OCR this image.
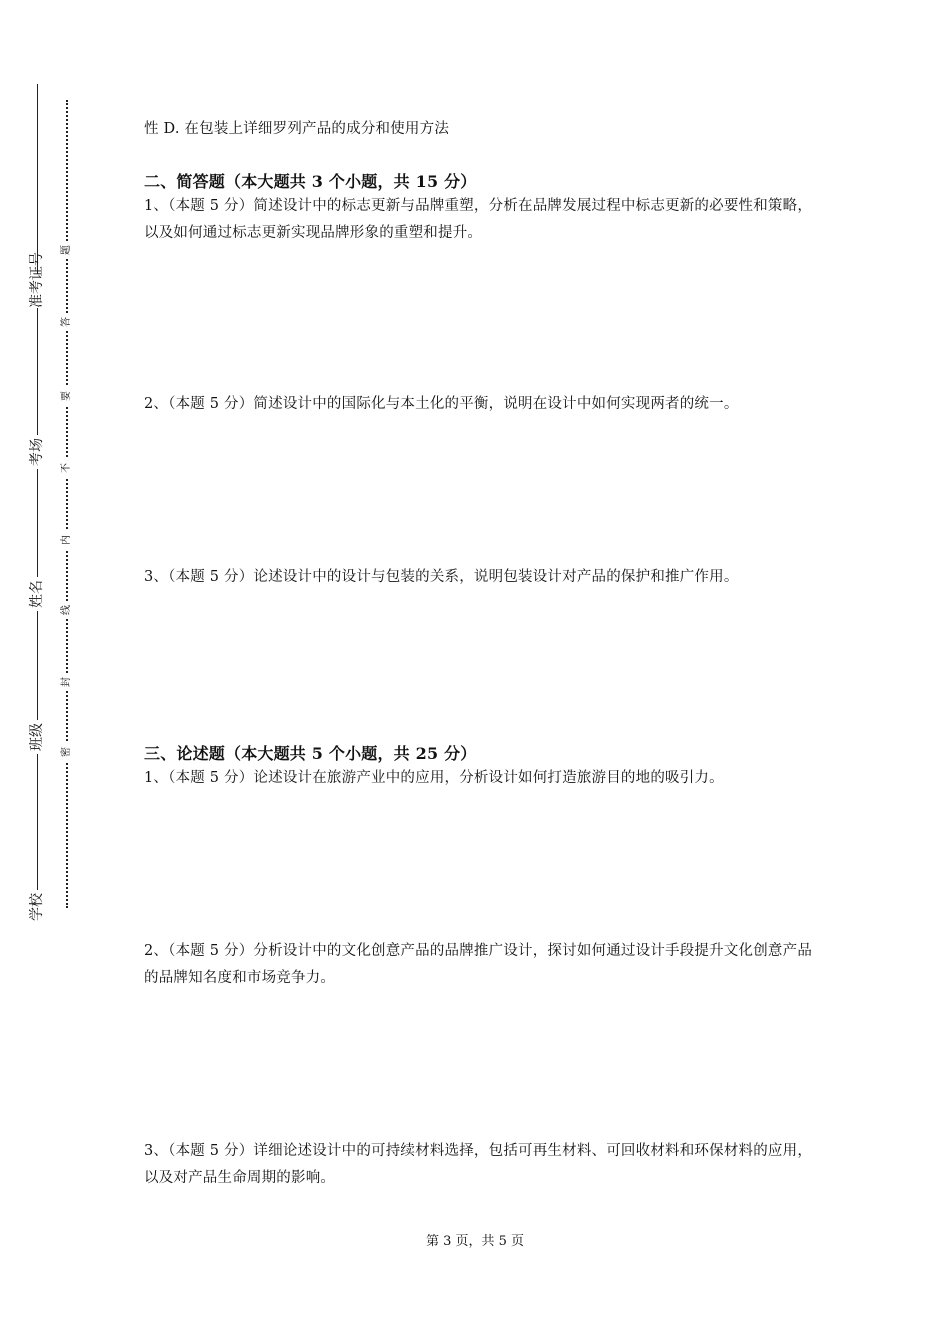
准考证号
考场
姓名
班级
学校
题
答
要
不
内
线
封
密
性 D. 在包装上详细罗列产品的成分和使用方法
二、简答题（本大题共 3 个小题，共 15 分）
1、（本题 5 分）简述设计中的标志更新与品牌重塑，分析在品牌发展过程中标志更新的必要性和策略，以及如何通过标志更新实现品牌形象的重塑和提升。
2、（本题 5 分）简述设计中的国际化与本土化的平衡，说明在设计中如何实现两者的统一。
3、（本题 5 分）论述设计中的设计与包装的关系，说明包装设计对产品的保护和推广作用。
三、论述题（本大题共 5 个小题，共 25 分）
1、（本题 5 分）论述设计在旅游产业中的应用，分析设计如何打造旅游目的地的吸引力。
2、（本题 5 分）分析设计中的文化创意产品的品牌推广设计，探讨如何通过设计手段提升文化创意产品的品牌知名度和市场竞争力。
3、（本题 5 分）详细论述设计中的可持续材料选择，包括可再生材料、可回收材料和环保材料的应用，以及对产品生命周期的影响。
第 3 页，共 5 页
